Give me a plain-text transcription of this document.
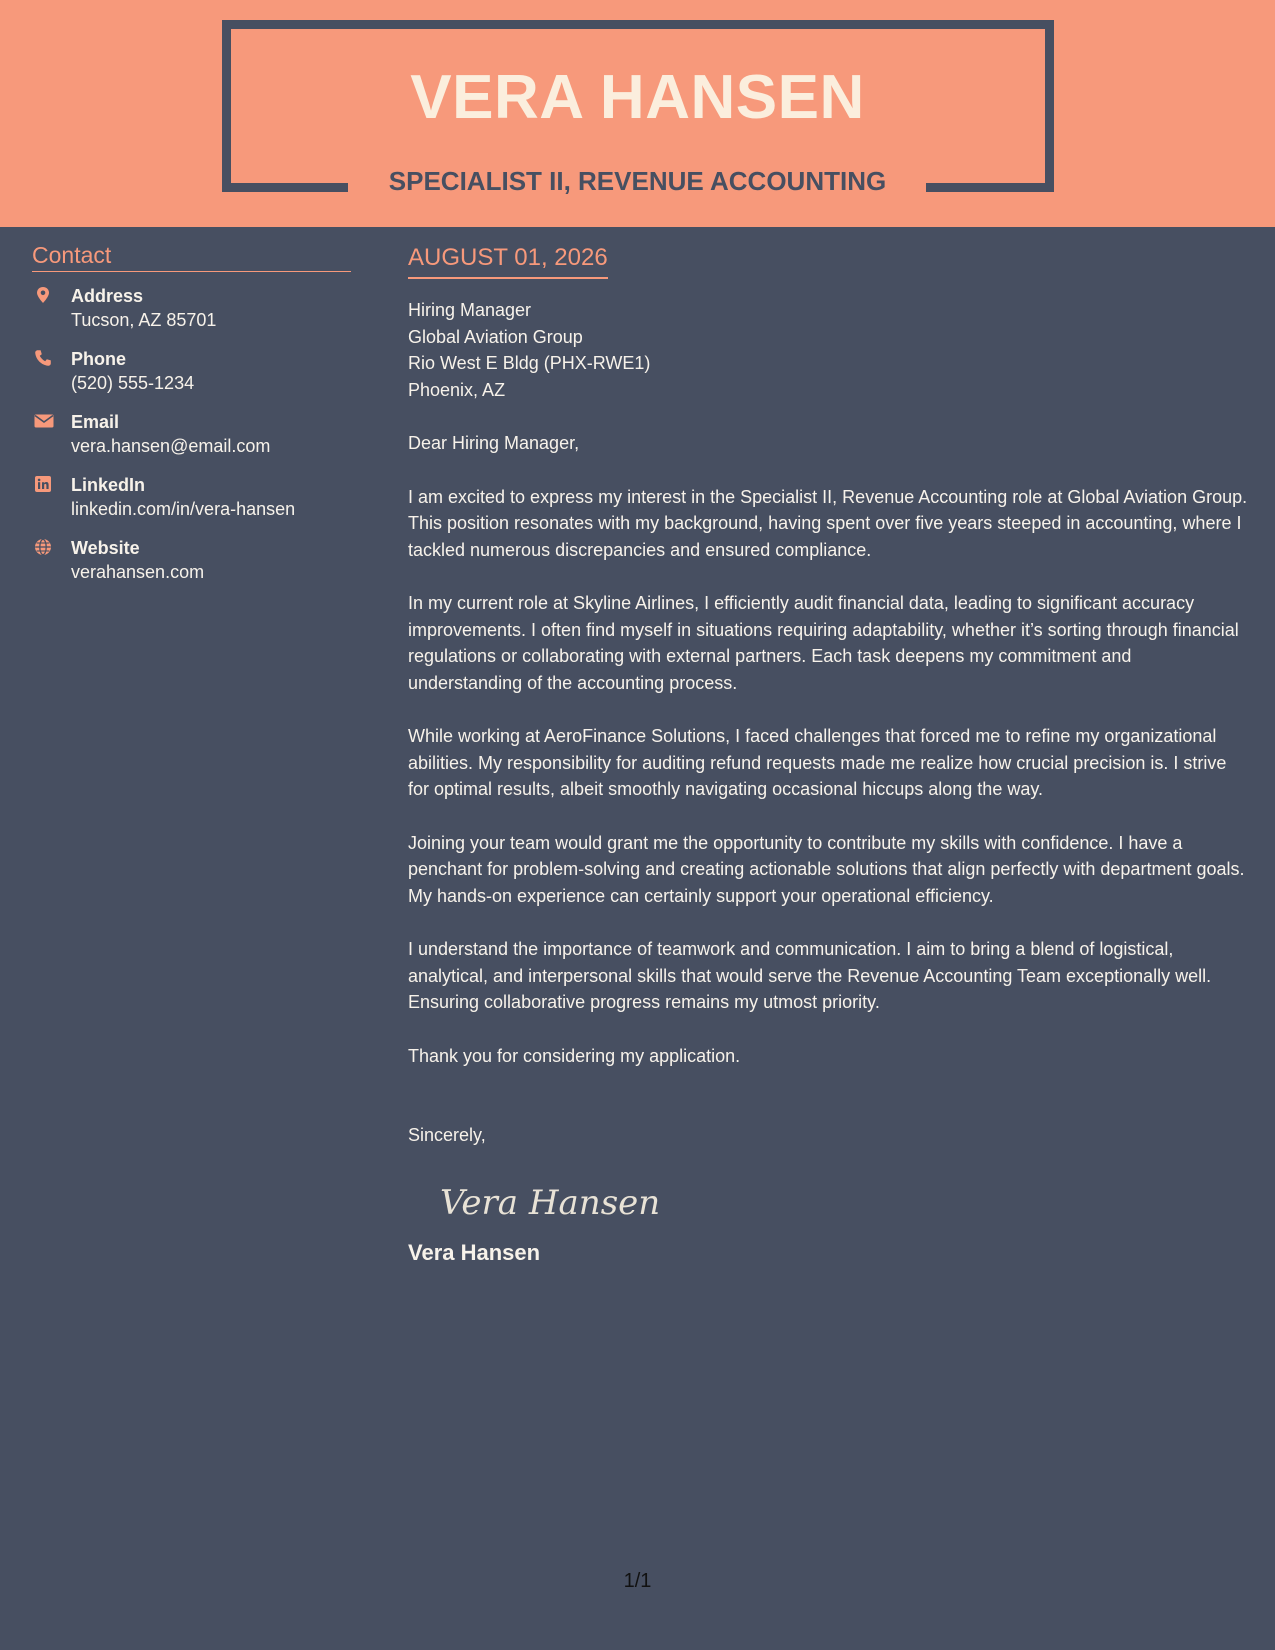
VERA HANSEN
SPECIALIST II, REVENUE ACCOUNTING
Contact
Address
Tucson, AZ 85701
Phone
(520) 555-1234
Email
vera.hansen@email.com
LinkedIn
linkedin.com/in/vera-hansen
Website
verahansen.com
AUGUST 01, 2026
Hiring Manager
Global Aviation Group
Rio West E Bldg (PHX-RWE1)
Phoenix, AZ

Dear Hiring Manager,

I am excited to express my interest in the Specialist II, Revenue Accounting role at Global Aviation Group. This position resonates with my background, having spent over five years steeped in accounting, where I tackled numerous discrepancies and ensured compliance.

In my current role at Skyline Airlines, I efficiently audit financial data, leading to significant accuracy improvements. I often find myself in situations requiring adaptability, whether it’s sorting through financial regulations or collaborating with external partners. Each task deepens my commitment and understanding of the accounting process.

While working at AeroFinance Solutions, I faced challenges that forced me to refine my organizational abilities. My responsibility for auditing refund requests made me realize how crucial precision is. I strive for optimal results, albeit smoothly navigating occasional hiccups along the way.

Joining your team would grant me the opportunity to contribute my skills with confidence. I have a penchant for problem-solving and creating actionable solutions that align perfectly with department goals. My hands-on experience can certainly support your operational efficiency.

I understand the importance of teamwork and communication. I aim to bring a blend of logistical, analytical, and interpersonal skills that would serve the Revenue Accounting Team exceptionally well. Ensuring collaborative progress remains my utmost priority.

Thank you for considering my application.

Sincerely,
Vera Hansen
Vera Hansen
1/1
